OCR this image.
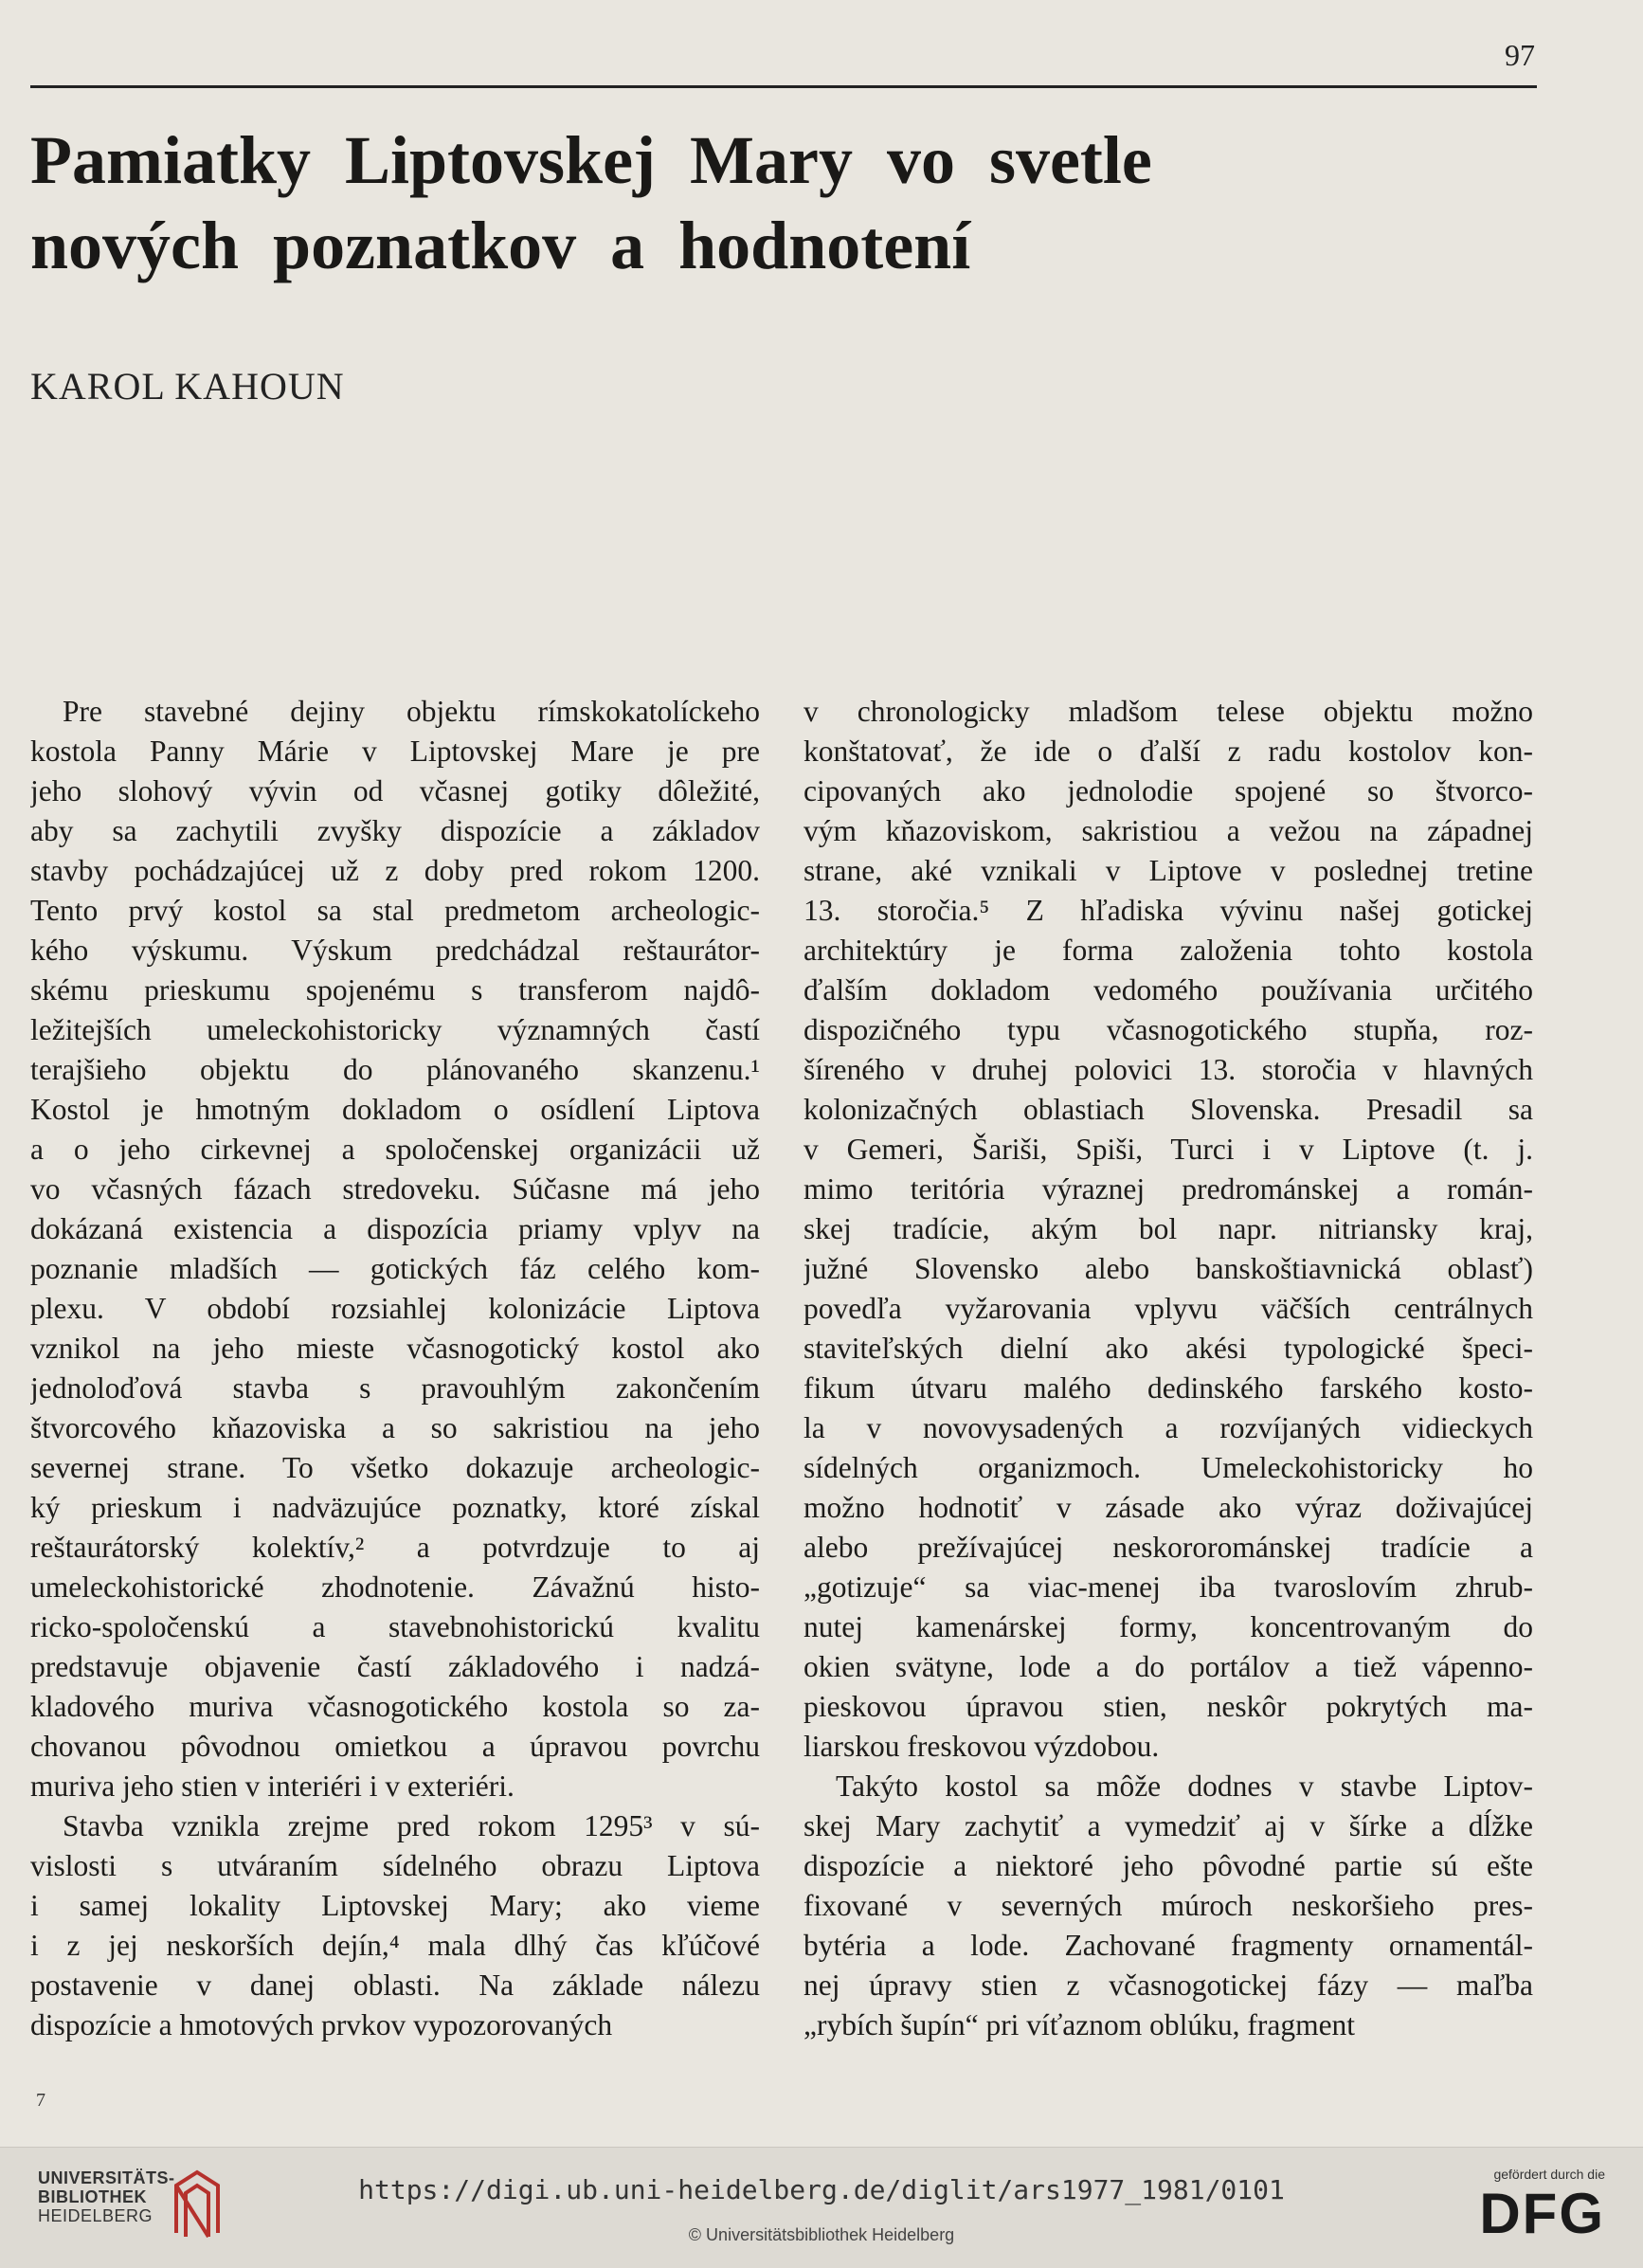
97
Pamiatky Liptovskej Mary vo svetle
nových poznatkov a hodnotení
KAROL KAHOUN
Pre stavebné dejiny objektu rímskokatolíckeho
kostola Panny Márie v Liptovskej Mare je pre
jeho slohový vývin od včasnej gotiky dôležité,
aby sa zachytili zvyšky dispozície a základov
stavby pochádzajúcej už z doby pred rokom 1200.
Tento prvý kostol sa stal predmetom archeologic-
kého výskumu. Výskum predchádzal reštaurátor-
skému prieskumu spojenému s transferom najdô-
ležitejších umeleckohistoricky významných častí
terajšieho objektu do plánovaného skanzenu.¹
Kostol je hmotným dokladom o osídlení Liptova
a o jeho cirkevnej a spoločenskej organizácii už
vo včasných fázach stredoveku. Súčasne má jeho
dokázaná existencia a dispozícia priamy vplyv na
poznanie mladších — gotických fáz celého kom-
plexu. V období rozsiahlej kolonizácie Liptova
vznikol na jeho mieste včasnogotický kostol ako
jednoloďová stavba s pravouhlým zakončením
štvorcového kňazoviska a so sakristiou na jeho
severnej strane. To všetko dokazuje archeologic-
ký prieskum i nadväzujúce poznatky, ktoré získal
reštaurátorský kolektív,² a potvrdzuje to aj
umeleckohistorické zhodnotenie. Závažnú histo-
ricko-spoločenskú a stavebnohistorickú kvalitu
predstavuje objavenie častí základového i nadzá-
kladového muriva včasnogotického kostola so za-
chovanou pôvodnou omietkou a úpravou povrchu
muriva jeho stien v interiéri i v exteriéri.
Stavba vznikla zrejme pred rokom 1295³ v sú-
vislosti s utváraním sídelného obrazu Liptova
i samej lokality Liptovskej Mary; ako vieme
i z jej neskorších dejín,⁴ mala dlhý čas kľúčové
postavenie v danej oblasti. Na základe nálezu
dispozície a hmotových prvkov vypozorovaných
v chronologicky mladšom telese objektu možno
konštatovať, že ide o ďalší z radu kostolov kon-
cipovaných ako jednolodie spojené so štvorco-
vým kňazoviskom, sakristiou a vežou na západnej
strane, aké vznikali v Liptove v poslednej tretine
13. storočia.⁵ Z hľadiska vývinu našej gotickej
architektúry je forma založenia tohto kostola
ďalším dokladom vedomého používania určitého
dispozičného typu včasnogotického stupňa, roz-
šíreného v druhej polovici 13. storočia v hlavných
kolonizačných oblastiach Slovenska. Presadil sa
v Gemeri, Šariši, Spiši, Turci i v Liptove (t. j.
mimo teritória výraznej predrománskej a román-
skej tradície, akým bol napr. nitriansky kraj,
južné Slovensko alebo banskoštiavnická oblasť)
povedľa vyžarovania vplyvu väčších centrálnych
staviteľských dielní ako akési typologické špeci-
fikum útvaru malého dedinského farského kosto-
la v novovysadených a rozvíjaných vidieckych
sídelných organizmoch. Umeleckohistoricky ho
možno hodnotiť v zásade ako výraz doživajúcej
alebo prežívajúcej neskororománskej tradície a
„gotizuje“ sa viac-menej iba tvaroslovím zhrub-
nutej kamenárskej formy, koncentrovaným do
okien svätyne, lode a do portálov a tiež vápenno-
pieskovou úpravou stien, neskôr pokrytých ma-
liarskou freskovou výzdobou.
Takýto kostol sa môže dodnes v stavbe Liptov-
skej Mary zachytiť a vymedziť aj v šírke a dĺžke
dispozície a niektoré jeho pôvodné partie sú ešte
fixované v severných múroch neskoršieho pres-
bytéria a lode. Zachované fragmenty ornamentál-
nej úpravy stien z včasnogotickej fázy — maľba
„rybích šupín“ pri víťaznom oblúku, fragment
7
UNIVERSITÄTS-
BIBLIOTHEK
HEIDELBERG
https://digi.ub.uni-heidelberg.de/diglit/ars1977_1981/0101
© Universitätsbibliothek Heidelberg
gefördert durch die
DFG
